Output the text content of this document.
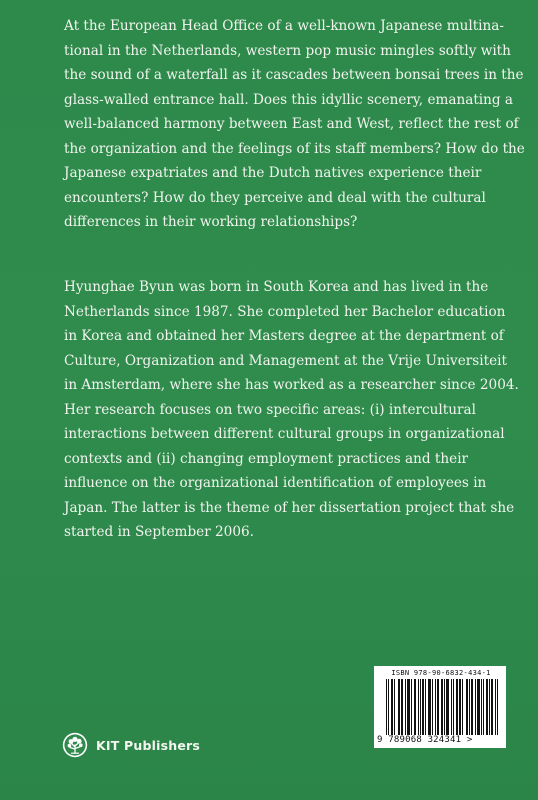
At the European Head Office of a well-known Japanese multina-
tional in the Netherlands, western pop music mingles softly with
the sound of a waterfall as it cascades between bonsai trees in the
glass-walled entrance hall. Does this idyllic scenery, emanating a
well-balanced harmony between East and West, reflect the rest of
the organization and the feelings of its staff members? How do the
Japanese expatriates and the Dutch natives experience their
encounters? How do they perceive and deal with the cultural
differences in their working relationships?

Hyunghae Byun was born in South Korea and has lived in the
Netherlands since 1987. She completed her Bachelor education
in Korea and obtained her Masters degree at the department of
Culture, Organization and Management at the Vrije Universiteit
in Amsterdam, where she has worked as a researcher since 2004.
Her research focuses on two specific areas: (i) intercultural
interactions between different cultural groups in organizational
contexts and (ii) changing employment practices and their
influence on the organizational identification of employees in
Japan. The latter is the theme of her dissertation project that she
started in September 2006.

ISBN 978-90-6832-434-1
9 789068 324341 >
KIT Publishers
